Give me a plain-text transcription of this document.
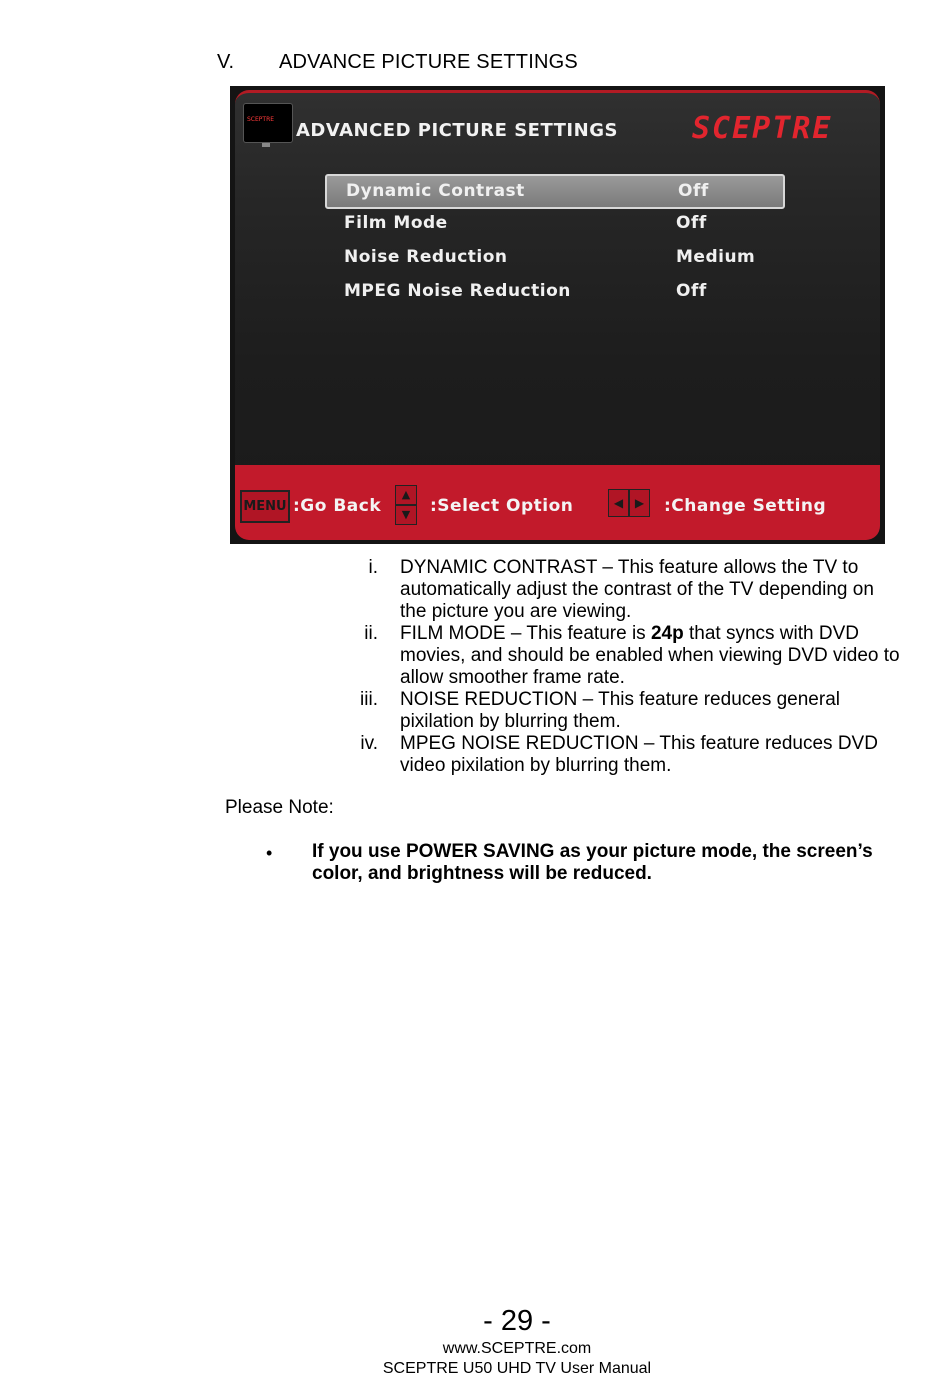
V. ADVANCE PICTURE SETTINGS
SCEPTRE
ADVANCED PICTURE SETTINGS SCEPTRE
Dynamic Contrast	Off
Film Mode	Off
Noise Reduction	Medium
MPEG Noise Reduction	Off
MENU :Go Back
▲
▼	:Select Option	◀ ▶	:Change Setting
i. DYNAMIC CONTRAST – This feature allows the TV to automatically adjust the contrast of the TV depending on the picture you are viewing.
ii. FILM MODE – This feature is 24p that syncs with DVD movies, and should be enabled when viewing DVD video to allow smoother frame rate.
iii. NOISE REDUCTION – This feature reduces general pixilation by blurring them.
iv. MPEG NOISE REDUCTION – This feature reduces DVD video pixilation by blurring them.
Please Note:
• If you use POWER SAVING as your picture mode, the screen’s color, and brightness will be reduced.
- 29 -
www.SCEPTRE.com
SCEPTRE U50 UHD TV User Manual
